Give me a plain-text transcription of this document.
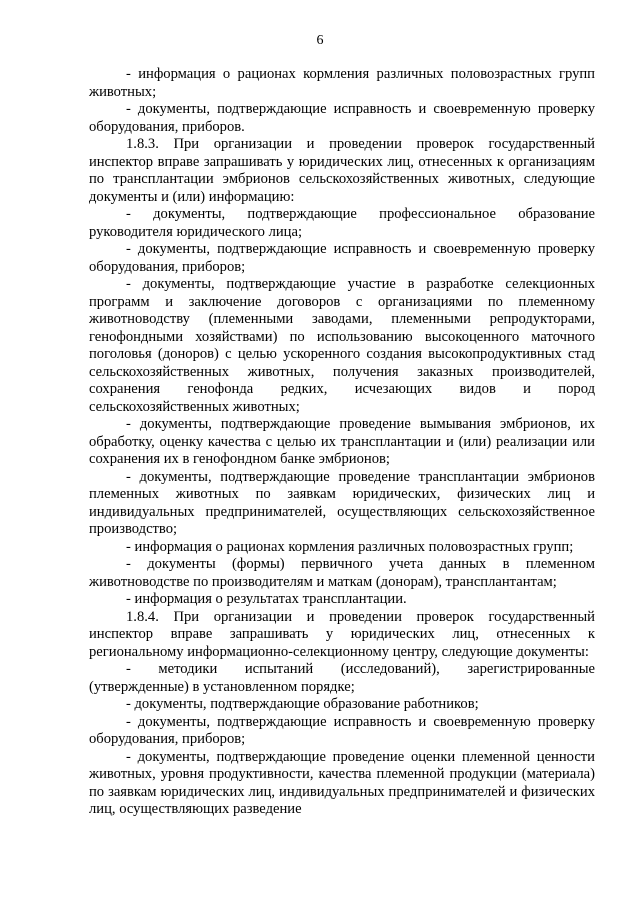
6

- информация о рационах кормления различных половозрастных групп животных;

- документы, подтверждающие исправность и своевременную проверку оборудования, приборов.

1.8.3. При организации и проведении проверок государственный инспектор вправе запрашивать у юридических лиц, отнесенных к организациям по трансплантации эмбрионов сельскохозяйственных животных, следующие документы и (или) информацию:

- документы, подтверждающие профессиональное образование руководителя юридического лица;

- документы, подтверждающие исправность и своевременную проверку оборудования, приборов;

- документы, подтверждающие участие в разработке селекционных программ и заключение договоров с организациями по племенному животноводству (племенными заводами, племенными репродукторами, генофондными хозяйствами) по использованию высокоценного маточного поголовья (доноров) с целью ускоренного создания высокопродуктивных стад сельскохозяйственных животных, получения заказных производителей, сохранения генофонда редких, исчезающих видов и пород сельскохозяйственных животных;

- документы, подтверждающие проведение вымывания эмбрионов, их обработку, оценку качества с целью их трансплантации и (или) реализации или сохранения их в генофондном банке эмбрионов;

- документы, подтверждающие проведение трансплантации эмбрионов племенных животных по заявкам юридических, физических лиц и индивидуальных предпринимателей, осуществляющих сельскохозяйственное производство;

- информация о рационах кормления различных половозрастных групп;

- документы (формы) первичного учета данных в племенном животноводстве по производителям и маткам (донорам), трансплантантам;

- информация о результатах трансплантации.

1.8.4. При организации и проведении проверок государственный инспектор вправе запрашивать у юридических лиц, отнесенных к региональному информационно-селекционному центру, следующие документы:

- методики испытаний (исследований), зарегистрированные (утвержденные) в установленном порядке;

- документы, подтверждающие образование работников;

- документы, подтверждающие исправность и своевременную проверку оборудования, приборов;

- документы, подтверждающие проведение оценки племенной ценности животных, уровня продуктивности, качества племенной продукции (материала) по заявкам юридических лиц, индивидуальных предпринимателей и физических лиц, осуществляющих разведение
